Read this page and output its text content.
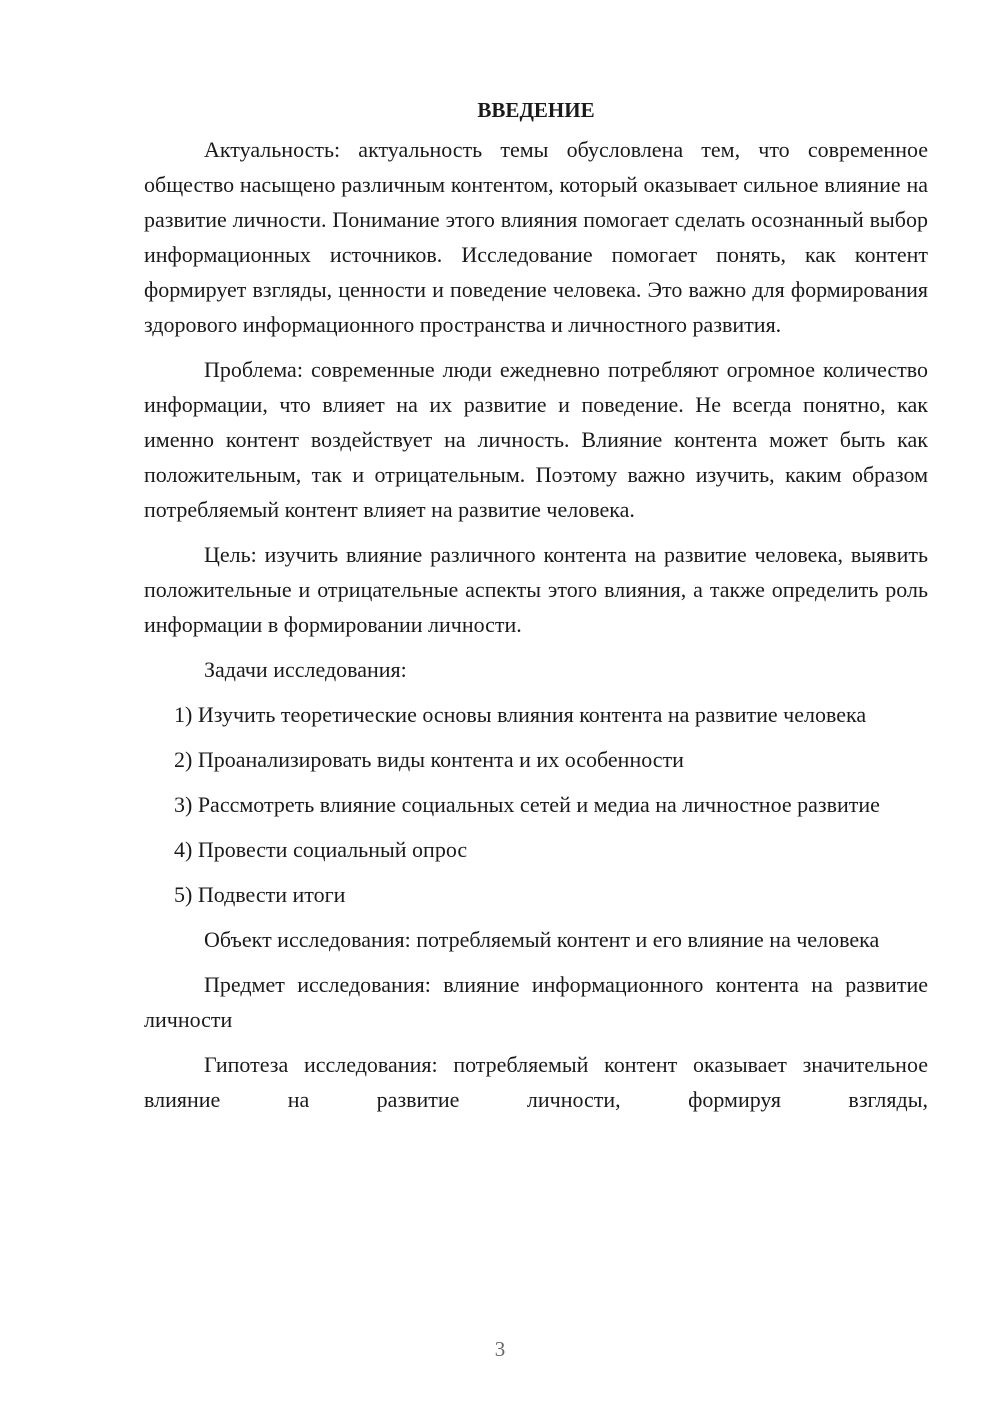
ВВЕДЕНИЕ

Актуальность: актуальность темы обусловлена тем, что современное общество насыщено различным контентом, который оказывает сильное влияние на развитие личности. Понимание этого влияния помогает сделать осознанный выбор информационных источников. Исследование помогает понять, как контент формирует взгляды, ценности и поведение человека. Это важно для формирования здорового информационного пространства и личностного развития.

Проблема: современные люди ежедневно потребляют огромное количество информации, что влияет на их развитие и поведение. Не всегда понятно, как именно контент воздействует на личность. Влияние контента может быть как положительным, так и отрицательным. Поэтому важно изучить, каким образом потребляемый контент влияет на развитие человека.

Цель: изучить влияние различного контента на развитие человека, выявить положительные и отрицательные аспекты этого влияния, а также определить роль информации в формировании личности.

Задачи исследования:

1) Изучить теоретические основы влияния контента на развитие человека

2) Проанализировать виды контента и их особенности

3) Рассмотреть влияние социальных сетей и медиа на личностное развитие

4) Провести социальный опрос

5) Подвести итоги

Объект исследования: потребляемый контент и его влияние на человека

Предмет исследования: влияние информационного контента на развитие личности

Гипотеза исследования: потребляемый контент оказывает значительное влияние на развитие личности, формируя взгляды,

3
